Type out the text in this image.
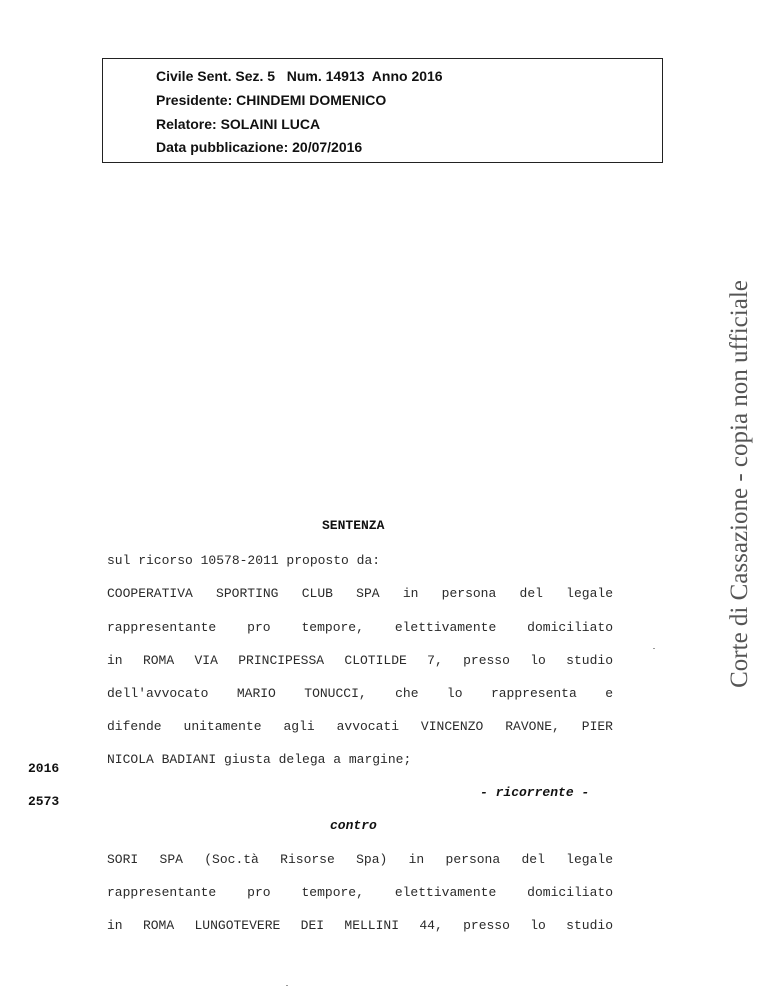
Civile Sent. Sez. 5   Num. 14913  Anno 2016
Presidente: CHINDEMI DOMENICO
Relatore: SOLAINI LUCA
Data pubblicazione: 20/07/2016
Corte di Cassazione - copia non ufficiale
SENTENZA
sul ricorso 10578-2011 proposto da:
COOPERATIVA SPORTING CLUB SPA in persona del legale
rappresentante pro tempore, elettivamente domiciliato
in ROMA VIA PRINCIPESSA CLOTILDE 7, presso lo studio
dell'avvocato MARIO TONUCCI, che lo rappresenta e
difende unitamente agli avvocati VINCENZO RAVONE, PIER
NICOLA BADIANI giusta delega a margine;
2016
2573
- ricorrente -
contro
SORI SPA (Soc.tà Risorse Spa) in persona del legale
rappresentante pro tempore, elettivamente domiciliato
in ROMA LUNGOTEVERE DEI MELLINI 44, presso lo studio
